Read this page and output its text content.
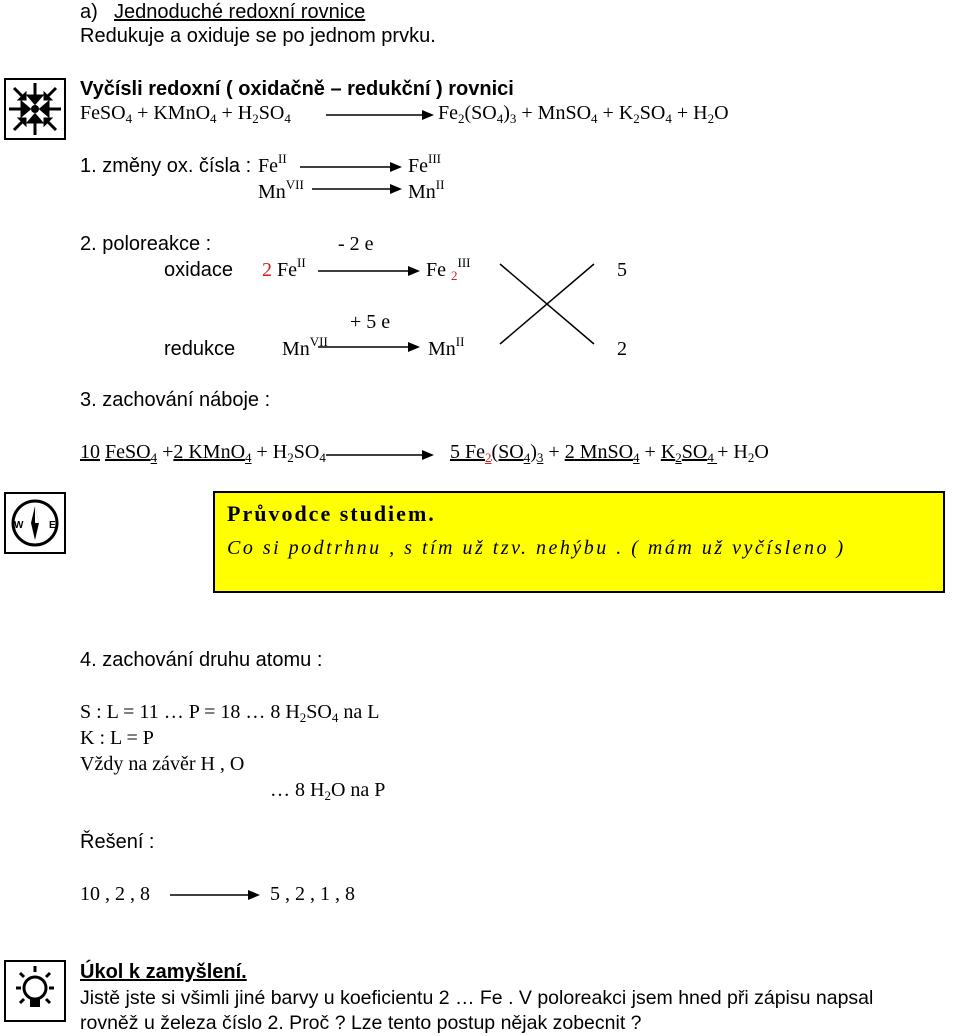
a) Jednoduché redoxní rovnice
Redukuje a oxiduje se po jednom prvku.
Vyčísli redoxní ( oxidačně – redukční ) rovnici
FeSO$_4$ + KMnO$_4$ + $H_2SO_4$	$Fe_2(SO_4)_3$ + MnSO$_4$ + $K_2SO_4 + H_2O$
1. změny ox. čísla : $Fe^{II}$	$Fe^{III}$
$Mn^{VII}$	$Mn^{II}$
2. poloreakce :	- 2 e
oxidace 2 $Fe^{II}$	Fe $_2^{III}$	5
+ 5 e
redukce $Mn^{VII}$	$Mn^{II}$	2
3. zachování náboje :
10 FeSO$_4$ +2 KMnO$_4$ + $H_2SO_4$	5 $Fe_2(SO_4)_3 + 2$ MnSO$_4$ + $K_2SO_4 + H_2O$
W	E	Průvodce studiem.
Co si podtrhnu , s tím už tzv. nehýbu . ( mám už vyčísleno )
4. zachování druhu atomu :
S : L = 11 … P = 18 … 8 $H_2SO_4$ na L
K : L = P
Vždy na závěr H , O
… 8 $H_2O$ na P
Řešení :
10 , 2 , 8	5 , 2 , 1 , 8
Úkol k zamyšlení.
Jistě jste si všimli jiné barvy u koeficientu 2 … Fe . V poloreakci jsem hned při zápisu napsal
rovněž u železa číslo 2. Proč ? Lze tento postup nějak zobecnit ?
